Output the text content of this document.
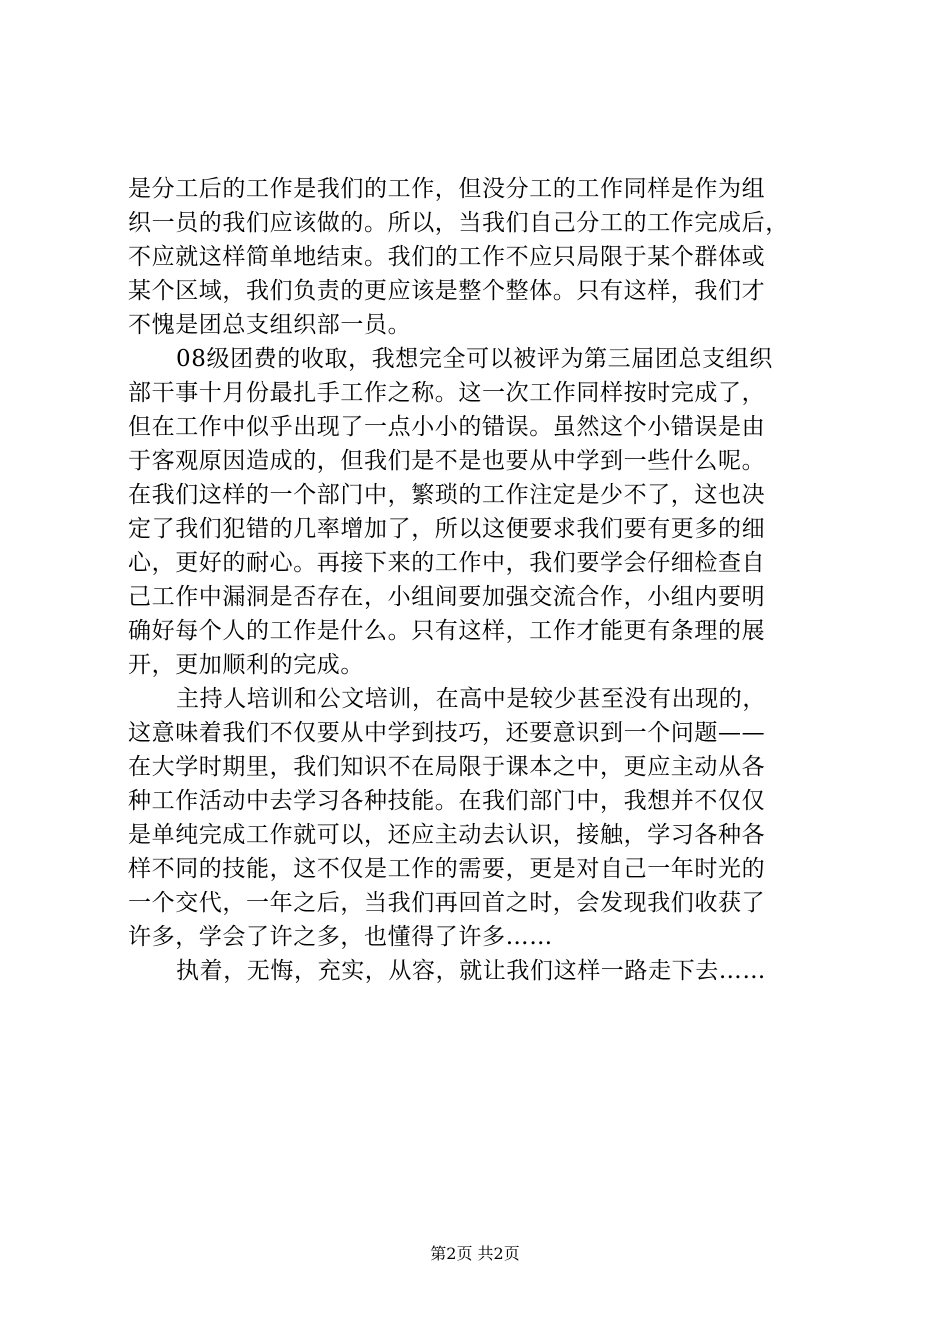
是分工后的工作是我们的工作，但没分工的工作同样是作为组
织一员的我们应该做的。所以，当我们自己分工的工作完成后，
不应就这样简单地结束。我们的工作不应只局限于某个群体或
某个区域，我们负责的更应该是整个整体。只有这样，我们才
不愧是团总支组织部一员。
08级团费的收取，我想完全可以被评为第三届团总支组织
部干事十月份最扎手工作之称。这一次工作同样按时完成了，
但在工作中似乎出现了一点小小的错误。虽然这个小错误是由
于客观原因造成的，但我们是不是也要从中学到一些什么呢。
在我们这样的一个部门中，繁琐的工作注定是少不了，这也决
定了我们犯错的几率增加了，所以这便要求我们要有更多的细
心，更好的耐心。再接下来的工作中，我们要学会仔细检查自
己工作中漏洞是否存在，小组间要加强交流合作，小组内要明
确好每个人的工作是什么。只有这样，工作才能更有条理的展
开，更加顺利的完成。
主持人培训和公文培训，在高中是较少甚至没有出现的，
这意味着我们不仅要从中学到技巧，还要意识到一个问题——
在大学时期里，我们知识不在局限于课本之中，更应主动从各
种工作活动中去学习各种技能。在我们部门中，我想并不仅仅
是单纯完成工作就可以，还应主动去认识，接触，学习各种各
样不同的技能，这不仅是工作的需要，更是对自己一年时光的
一个交代，一年之后，当我们再回首之时，会发现我们收获了
许多，学会了许之多，也懂得了许多……
执着，无悔，充实，从容，就让我们这样一路走下去……
第2页 共2页
